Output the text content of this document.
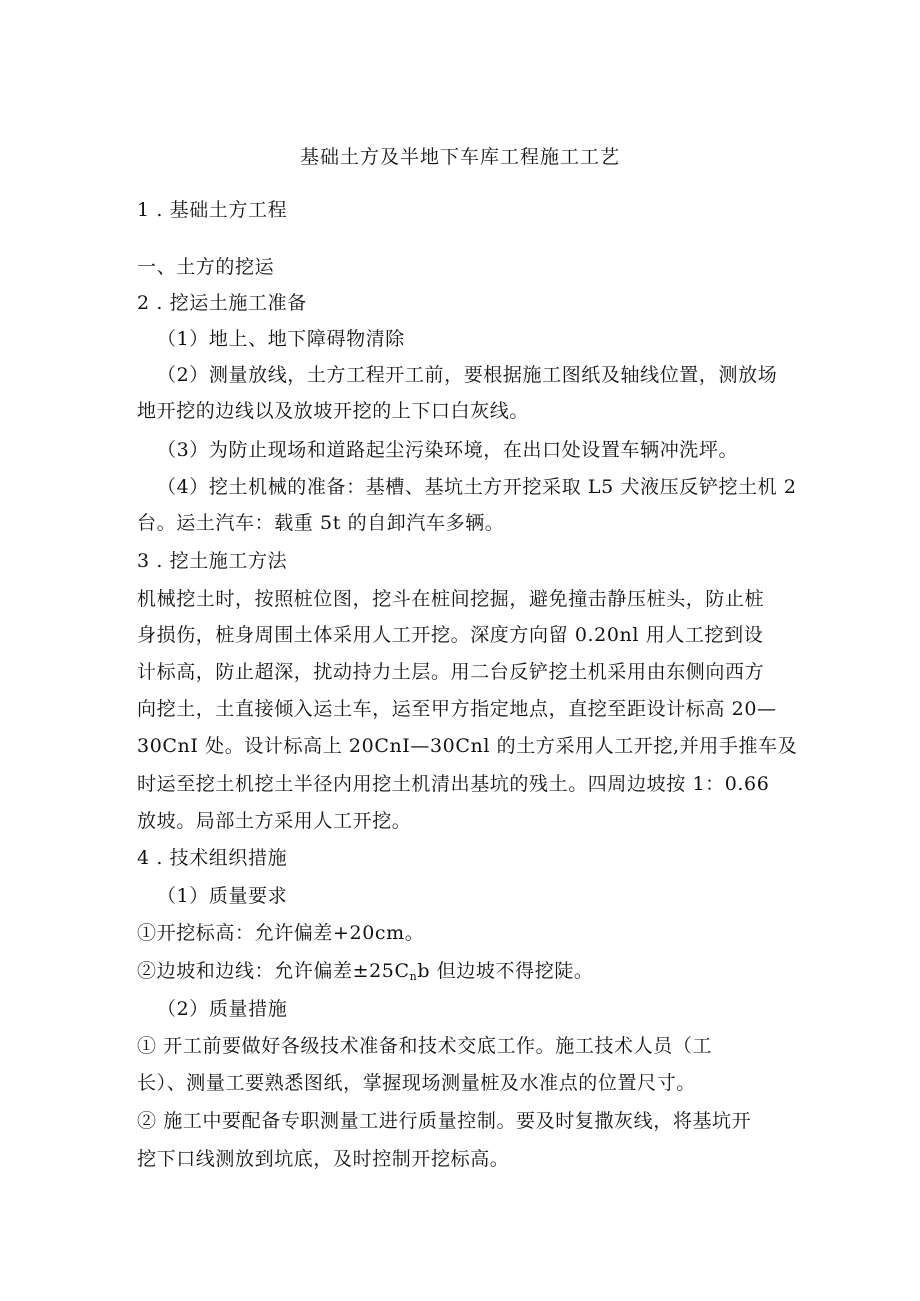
基础土方及半地下车库工程施工工艺
1 . 基础土方工程
一、土方的挖运
2 . 挖运土施工准备
（1）地上、地下障碍物清除
（2）测量放线，土方工程开工前，要根据施工图纸及轴线位置，测放场
地开挖的边线以及放坡开挖的上下口白灰线。
（3）为防止现场和道路起尘污染环境，在出口处设置车辆冲洗坪。
（4）挖土机械的准备：基槽、基坑土方开挖采取 L5 犬液压反铲挖土机 2
台。运土汽车：载重 5t 的自卸汽车多辆。
3 . 挖土施工方法
机械挖土时，按照桩位图，挖斗在桩间挖掘，避免撞击静压桩头，防止桩
身损伤，桩身周围土体采用人工开挖。深度方向留 0.20nl 用人工挖到设
计标高，防止超深，扰动持力土层。用二台反铲挖土机采用由东侧向西方
向挖土，土直接倾入运土车，运至甲方指定地点，直挖至距设计标高 20—
30CnI 处。设计标高上 20CnI—30Cnl 的土方采用人工开挖,并用手推车及
时运至挖土机挖土半径内用挖土机清出基坑的残土。四周边坡按 1：0.66
放坡。局部土方采用人工开挖。
4 . 技术组织措施
（1）质量要求
①开挖标高：允许偏差+20cm。
②边坡和边线：允许偏差$\pm 25C_nb$ 但边坡不得挖陡。
（2）质量措施
① 开工前要做好各级技术准备和技术交底工作。施工技术人员（工
长）、测量工要熟悉图纸，掌握现场测量桩及水准点的位置尺寸。
② 施工中要配备专职测量工进行质量控制。要及时复撒灰线，将基坑开
挖下口线测放到坑底，及时控制开挖标高。
